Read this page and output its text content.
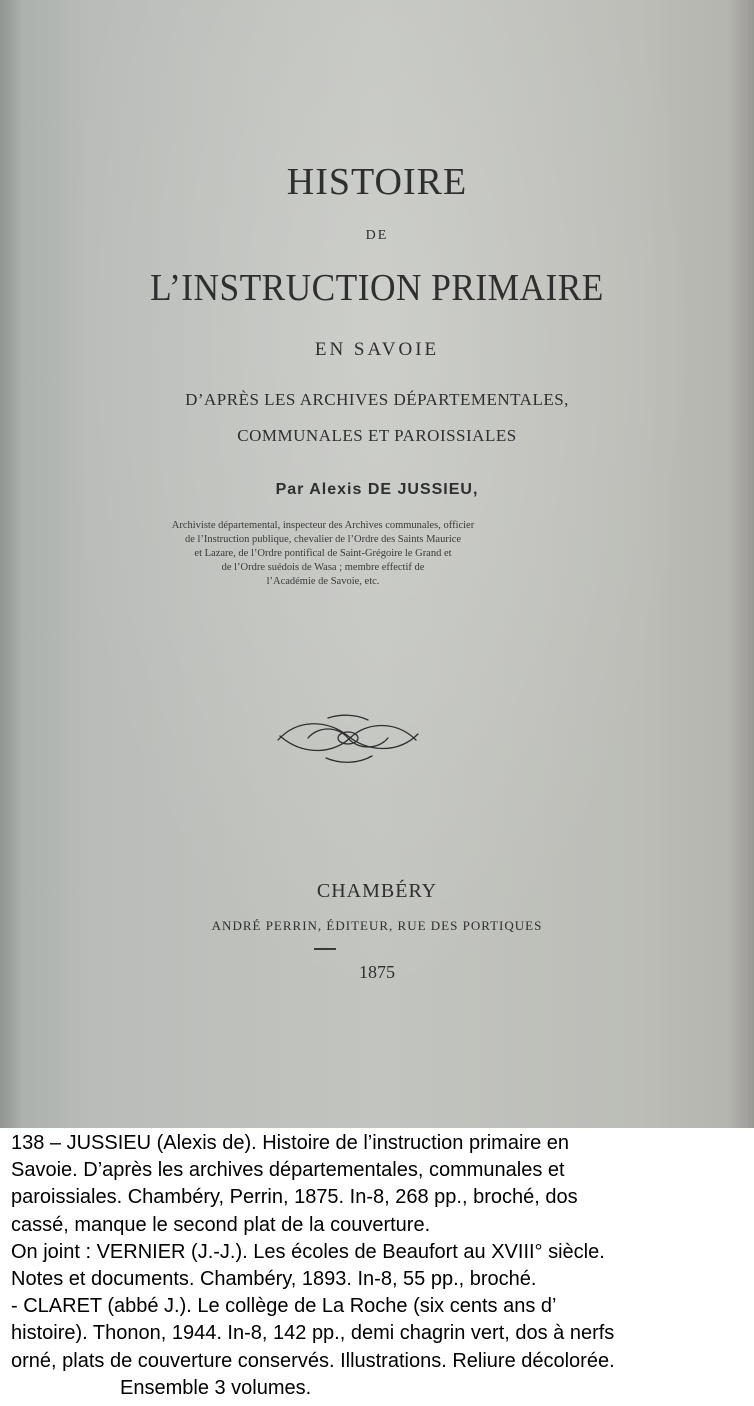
HISTOIRE
DE
L’INSTRUCTION PRIMAIRE
EN SAVOIE
D’APRÈS LES ARCHIVES DÉPARTEMENTALES,
COMMUNALES ET PAROISSIALES
Par Alexis DE JUSSIEU,
Archiviste départemental, inspecteur des Archives communales, officier
de l’Instruction publique, chevalier de l’Ordre des Saints Maurice
et Lazare, de l’Ordre pontifical de Saint-Grégoire le Grand et
de l’Ordre suédois de Wasa ; membre effectif de
l’Académie de Savoie, etc.
CHAMBÉRY
ANDRÉ PERRIN, ÉDITEUR, RUE DES PORTIQUES
1875
138 – JUSSIEU (Alexis de). Histoire de l’instruction primaire en
Savoie. D’après les archives départementales, communales et
paroissiales. Chambéry, Perrin, 1875. In-8, 268 pp., broché, dos
cassé, manque le second plat de la couverture.
On joint : VERNIER (J.-J.). Les écoles de Beaufort au XVIII° siècle.
Notes et documents. Chambéry, 1893. In-8, 55 pp., broché.
- CLARET (abbé J.). Le collège de La Roche (six cents ans d’
histoire). Thonon, 1944. In-8, 142 pp., demi chagrin vert, dos à nerfs
orné, plats de couverture conservés. Illustrations. Reliure décolorée.
Ensemble 3 volumes.
